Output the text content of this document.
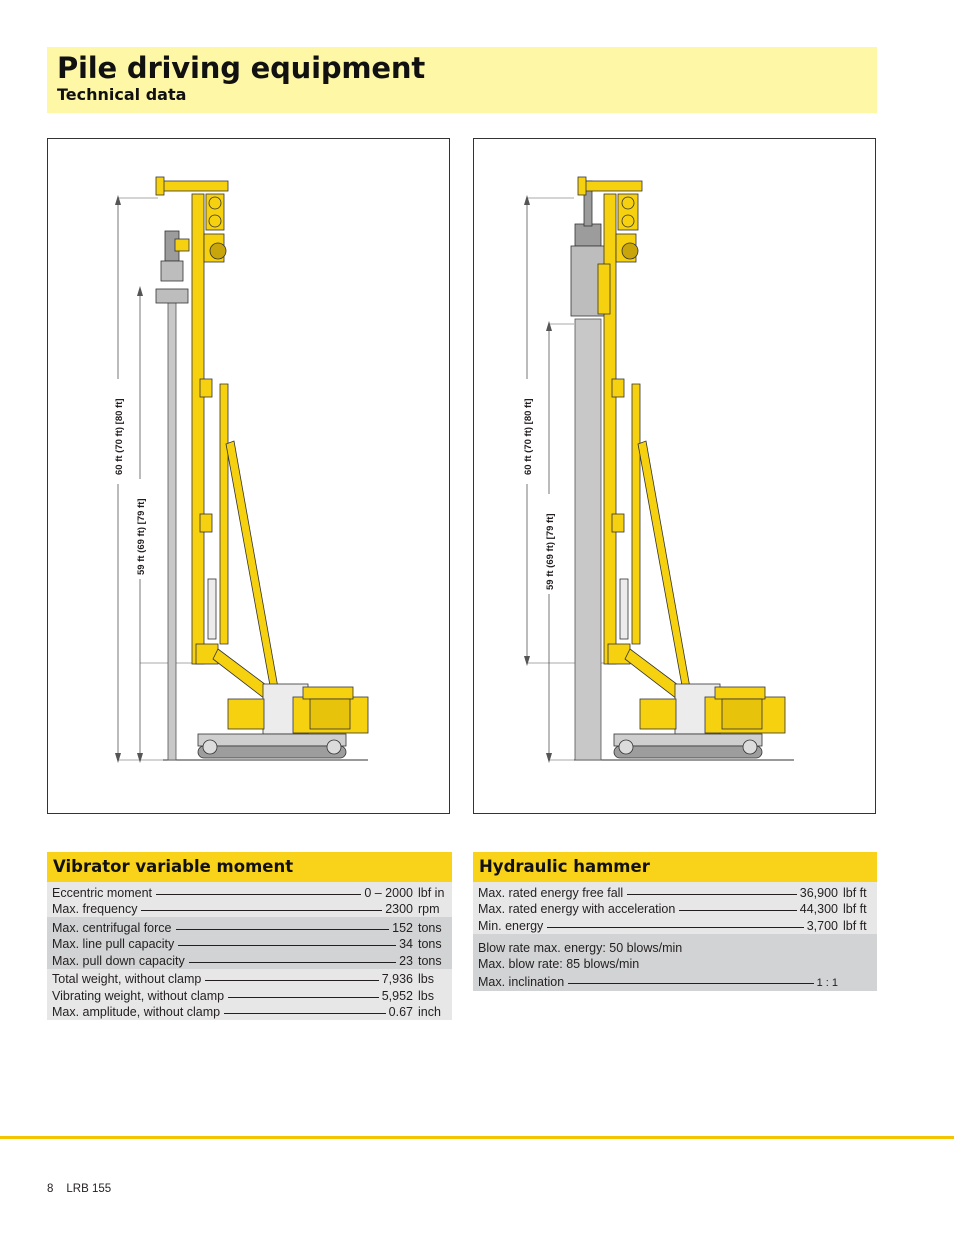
Pile driving equipment
Technical data
60 ft (70 ft) [80 ft]
59 ft (69 ft) [79 ft]
60 ft (70 ft) [80 ft]
59 ft (69 ft) [79 ft]
Vibrator variable moment
Eccentric moment	0 – 2000 lbf in
Max. frequency	2300 rpm
Max. centrifugal force	152 tons
Max. line pull capacity	34 tons
Max. pull down capacity	23 tons
Total weight, without clamp	7,936 lbs
Vibrating weight, without clamp	5,952 lbs
Max. amplitude, without clamp	0.67 inch
Hydraulic hammer
Max. rated energy free fall	36,900 lbf ft
Max. rated energy with acceleration	44,300 lbf ft
Min. energy	3,700 lbf ft
Blow rate max. energy: 50 blows/min
Max. blow rate: 85 blows/min
Max. inclination	1 : 1
8 LRB 155
